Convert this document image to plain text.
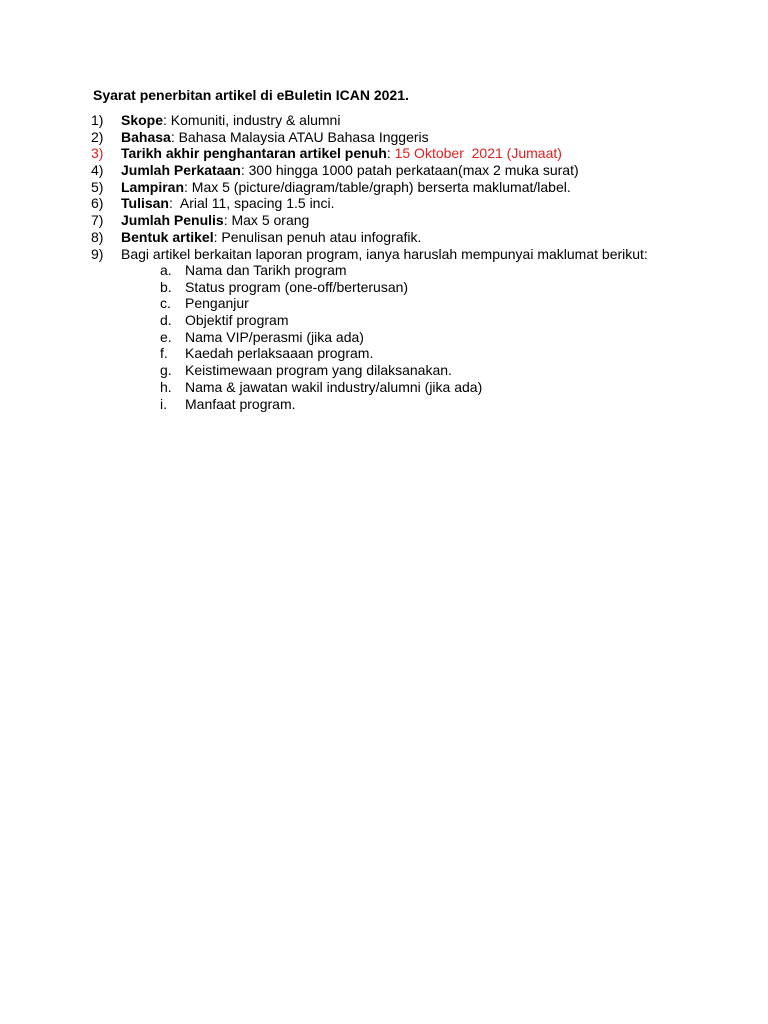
Syarat penerbitan artikel di eBuletin ICAN 2021.
1) Skope: Komuniti, industry & alumni
2) Bahasa: Bahasa Malaysia ATAU Bahasa Inggeris
3) Tarikh akhir penghantaran artikel penuh: 15 Oktober  2021 (Jumaat)
4) Jumlah Perkataan: 300 hingga 1000 patah perkataan(max 2 muka surat)
5) Lampiran: Max 5 (picture/diagram/table/graph) berserta maklumat/label.
6) Tulisan:  Arial 11, spacing 1.5 inci.
7) Jumlah Penulis: Max 5 orang
8) Bentuk artikel: Penulisan penuh atau infografik.
9) Bagi artikel berkaitan laporan program, ianya haruslah mempunyai maklumat berikut:
a. Nama dan Tarikh program
b. Status program (one-off/berterusan)
c. Penganjur
d. Objektif program
e. Nama VIP/perasmi (jika ada)
f. Kaedah perlaksaaan program.
g. Keistimewaan program yang dilaksanakan.
h. Nama & jawatan wakil industry/alumni (jika ada)
i. Manfaat program.
